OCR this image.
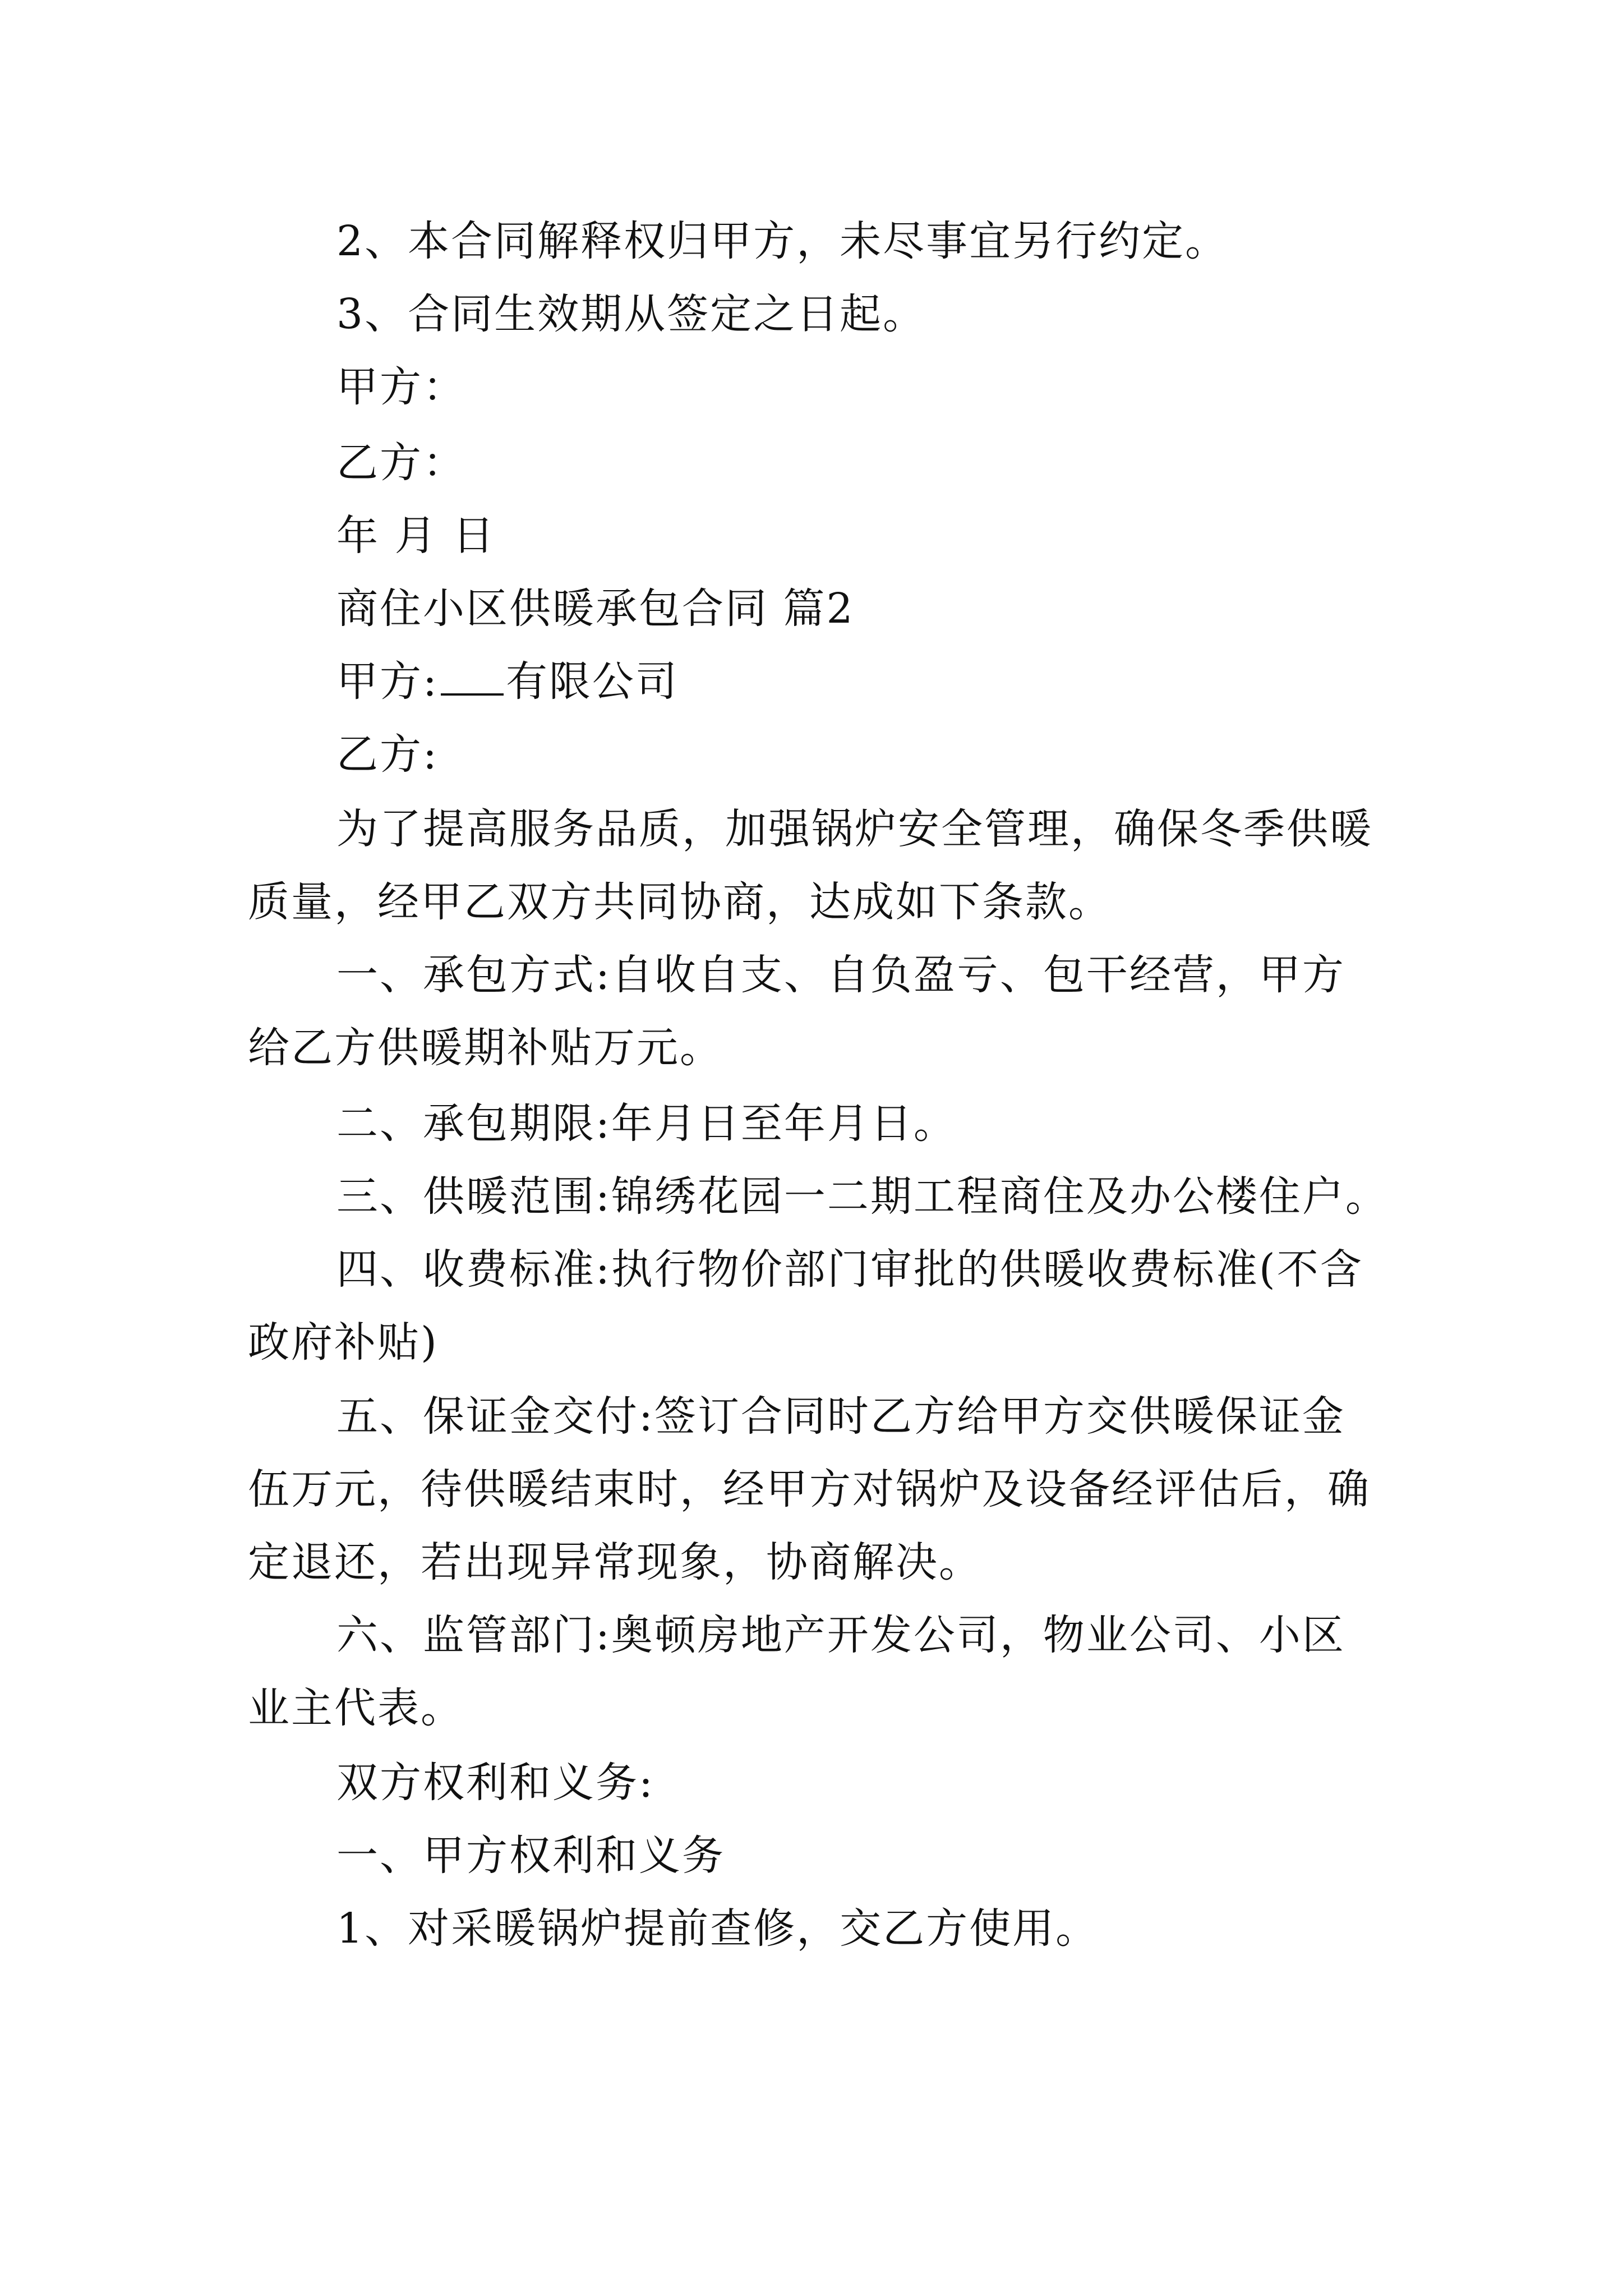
2、本合同解释权归甲方，未尽事宜另行约定。
3、合同生效期从签定之日起。
甲方：
乙方：
年 月 日
商住小区供暖承包合同 篇2
甲方: 有限公司
乙方:
为了提高服务品质，加强锅炉安全管理，确保冬季供暖
质量，经甲乙双方共同协商，达成如下条款。
一、承包方式:自收自支、自负盈亏、包干经营，甲方
给乙方供暖期补贴万元。
二、承包期限:年月日至年月日。
三、供暖范围:锦绣花园一二期工程商住及办公楼住户。
四、收费标准:执行物价部门审批的供暖收费标准(不含
政府补贴)
五、保证金交付:签订合同时乙方给甲方交供暖保证金
伍万元，待供暖结束时，经甲方对锅炉及设备经评估后，确
定退还，若出现异常现象，协商解决。
六、监管部门:奥顿房地产开发公司，物业公司、小区
业主代表。
双方权利和义务:
一、甲方权利和义务
1、对采暖锅炉提前查修，交乙方使用。
